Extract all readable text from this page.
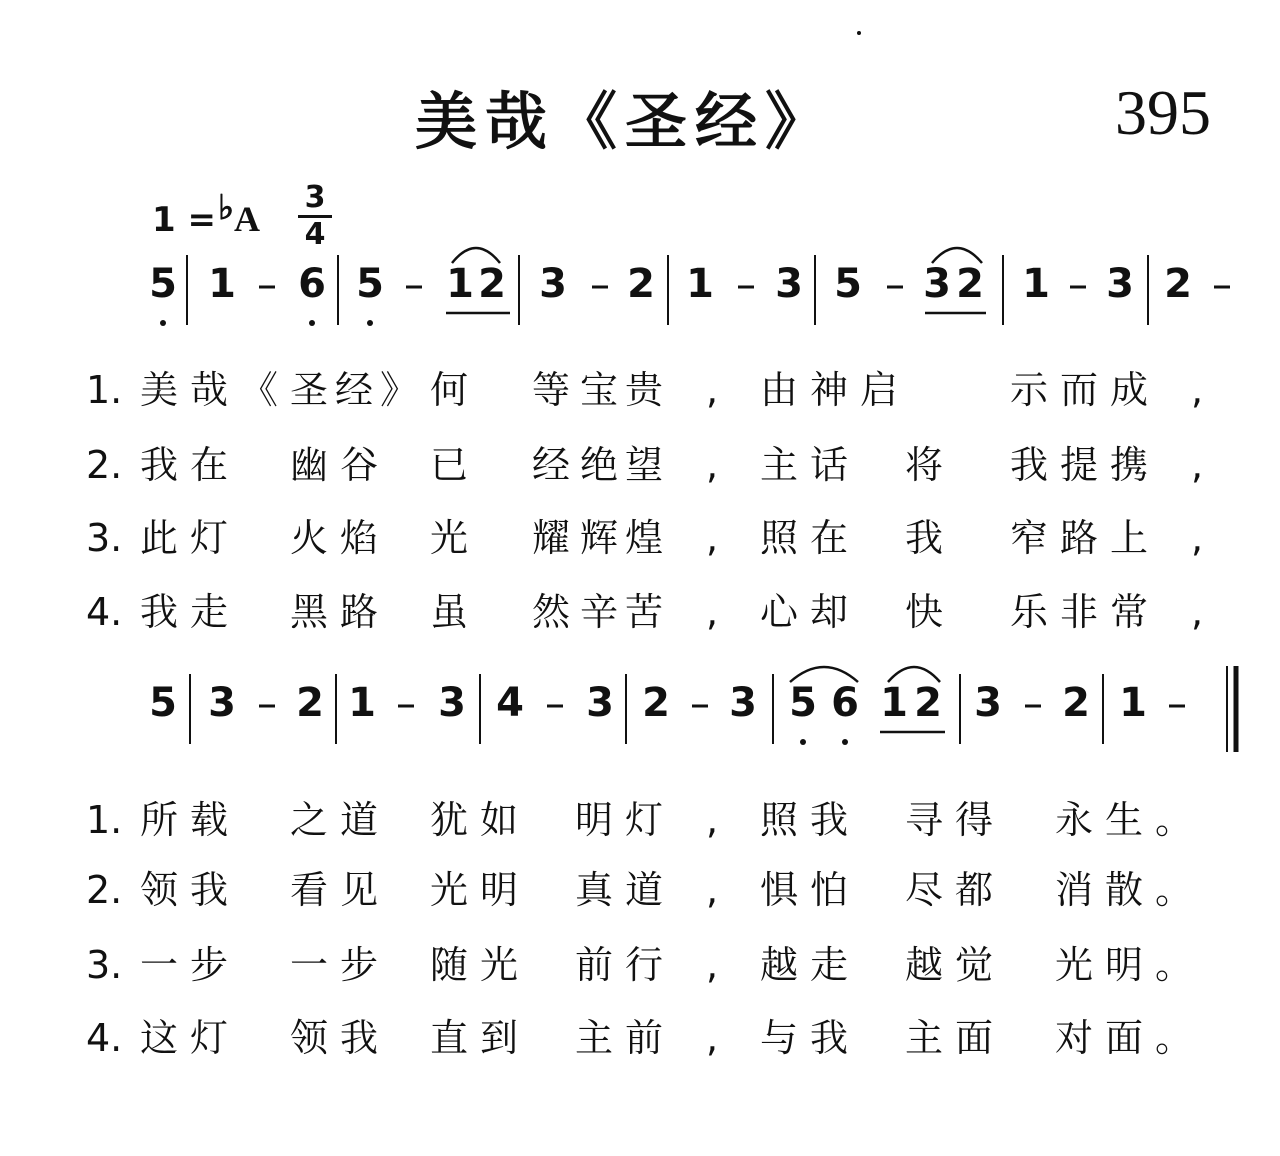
美哉《圣经》	395
1 =♭A
3
4
5 1 6 5 1 2 3 2 1 3 5 3 2 1 3 2
5 3 2 1 3 4 3 2 3 5 6 1 2 3 2 1
1. 美 哉 《 圣 经 》 何 等 宝 贵 , 由 神 启	示 而 成 ,
2. 我 在 幽 谷 已 经 绝 望 , 主 话 将 我 提 携 ,
3. 此 灯 火 焰 光 耀 辉 煌 , 照 在 我 窄 路 上 ,
4. 我 走 黑 路 虽 然 辛 苦 , 心 却 快 乐 非 常 ,
1. 所 载 之 道 犹 如 明 灯 , 照 我 寻 得 永 生 。
2. 领 我 看 见 光 明 真 道 , 惧 怕 尽 都 消 散 。
3. 一 步 一 步 随 光 前 行 , 越 走 越 觉 光 明 。
4. 这 灯 领 我 直 到 主 前 , 与 我 主 面 对 面 。
